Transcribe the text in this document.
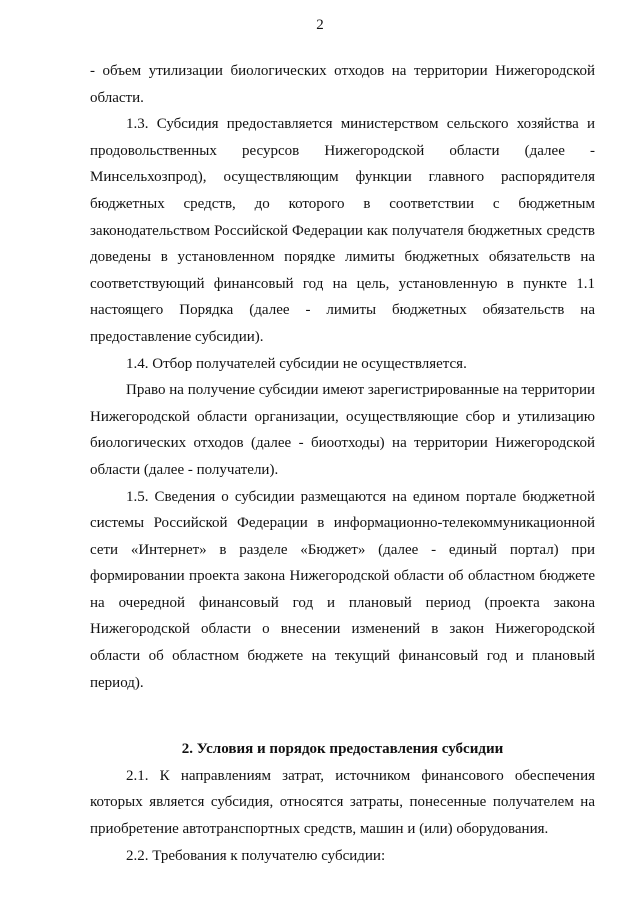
2

- объем утилизации биологических отходов на территории Нижегородской области.

1.3. Субсидия предоставляется министерством сельского хозяйства и продовольственных ресурсов Нижегородской области (далее - Минсельхозпрод), осуществляющим функции главного распорядителя бюджетных средств, до которого в соответствии с бюджетным законодательством Российской Федерации как получателя бюджетных средств доведены в установленном порядке лимиты бюджетных обязательств на соответствующий финансовый год на цель, установленную в пункте 1.1 настоящего Порядка (далее - лимиты бюджетных обязательств на предоставление субсидии).

1.4. Отбор получателей субсидии не осуществляется.

Право на получение субсидии имеют зарегистрированные на территории Нижегородской области организации, осуществляющие сбор и утилизацию биологических отходов (далее - биоотходы) на территории Нижегородской области (далее - получатели).

1.5. Сведения о субсидии размещаются на едином портале бюджетной системы Российской Федерации в информационно-телекоммуникационной сети «Интернет» в разделе «Бюджет» (далее - единый портал) при формировании проекта закона Нижегородской области об областном бюджете на очередной финансовый год и плановый период (проекта закона Нижегородской области о внесении изменений в закон Нижегородской области об областном бюджете на текущий финансовый год и плановый период).

2. Условия и порядок предоставления субсидии

2.1. К направлениям затрат, источником финансового обеспечения которых является субсидия, относятся затраты, понесенные получателем на приобретение автотранспортных средств, машин и (или) оборудования.

2.2. Требования к получателю субсидии:
